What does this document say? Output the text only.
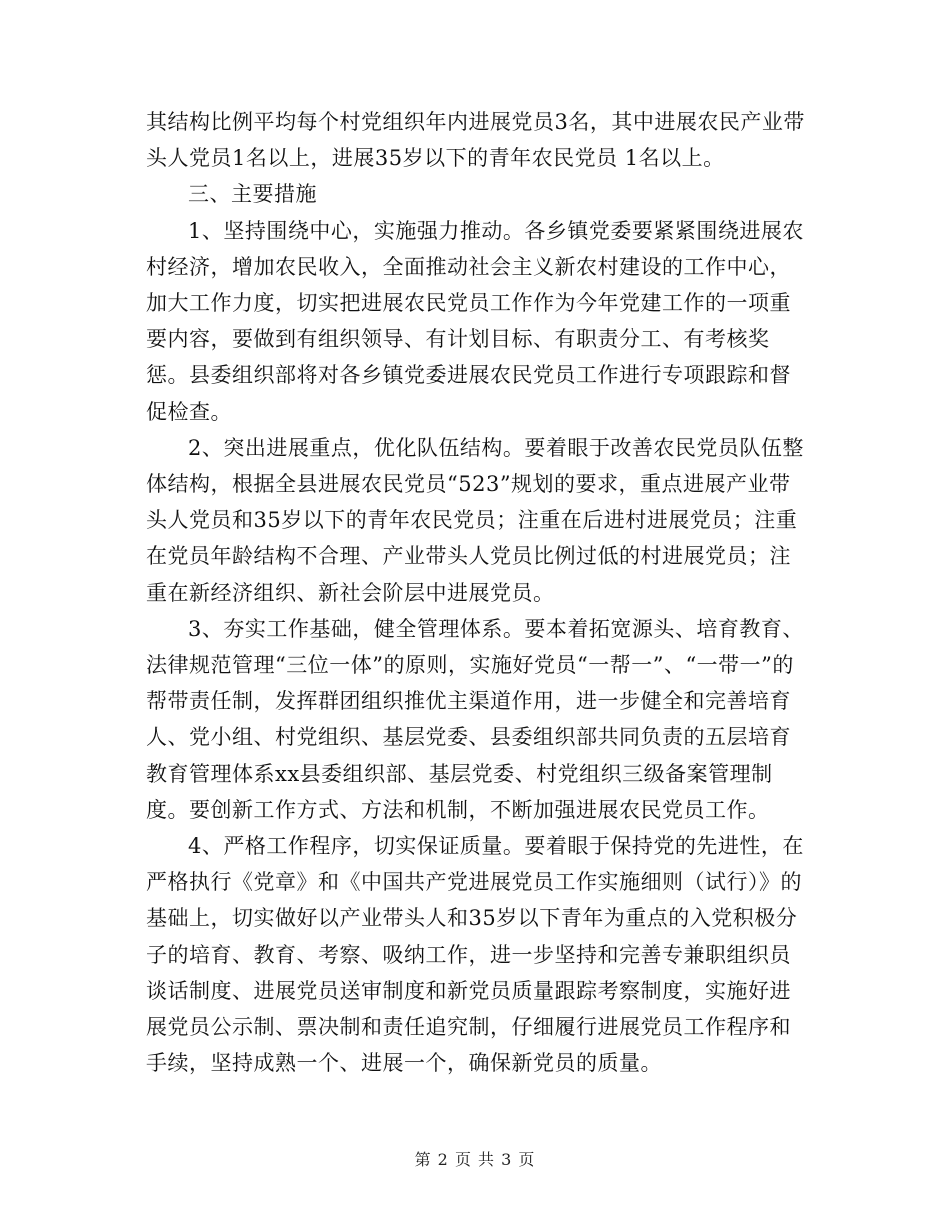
其结构比例平均每个村党组织年内进展党员3名，其中进展农民产业带头人党员1名以上，进展35岁以下的青年农民党员 1名以上。

三、主要措施

1、坚持围绕中心，实施强力推动。各乡镇党委要紧紧围绕进展农村经济，增加农民收入，全面推动社会主义新农村建设的工作中心，加大工作力度，切实把进展农民党员工作作为今年党建工作的一项重要内容，要做到有组织领导、有计划目标、有职责分工、有考核奖惩。县委组织部将对各乡镇党委进展农民党员工作进行专项跟踪和督促检查。

2、突出进展重点，优化队伍结构。要着眼于改善农民党员队伍整体结构，根据全县进展农民党员“523”规划的要求，重点进展产业带头人党员和35岁以下的青年农民党员；注重在后进村进展党员；注重在党员年龄结构不合理、产业带头人党员比例过低的村进展党员；注重在新经济组织、新社会阶层中进展党员。

3、夯实工作基础，健全管理体系。要本着拓宽源头、培育教育、法律规范管理“三位一体”的原则，实施好党员“一帮一”、“一带一”的帮带责任制，发挥群团组织推优主渠道作用，进一步健全和完善培育人、党小组、村党组织、基层党委、县委组织部共同负责的五层培育教育管理体系xx县委组织部、基层党委、村党组织三级备案管理制度。要创新工作方式、方法和机制，不断加强进展农民党员工作。

4、严格工作程序，切实保证质量。要着眼于保持党的先进性，在严格执行《党章》和《中国共产党进展党员工作实施细则（试行）》的基础上，切实做好以产业带头人和35岁以下青年为重点的入党积极分子的培育、教育、考察、吸纳工作，进一步坚持和完善专兼职组织员谈话制度、进展党员送审制度和新党员质量跟踪考察制度，实施好进展党员公示制、票决制和责任追究制，仔细履行进展党员工作程序和手续，坚持成熟一个、进展一个，确保新党员的质量。

第 2 页 共 3 页
